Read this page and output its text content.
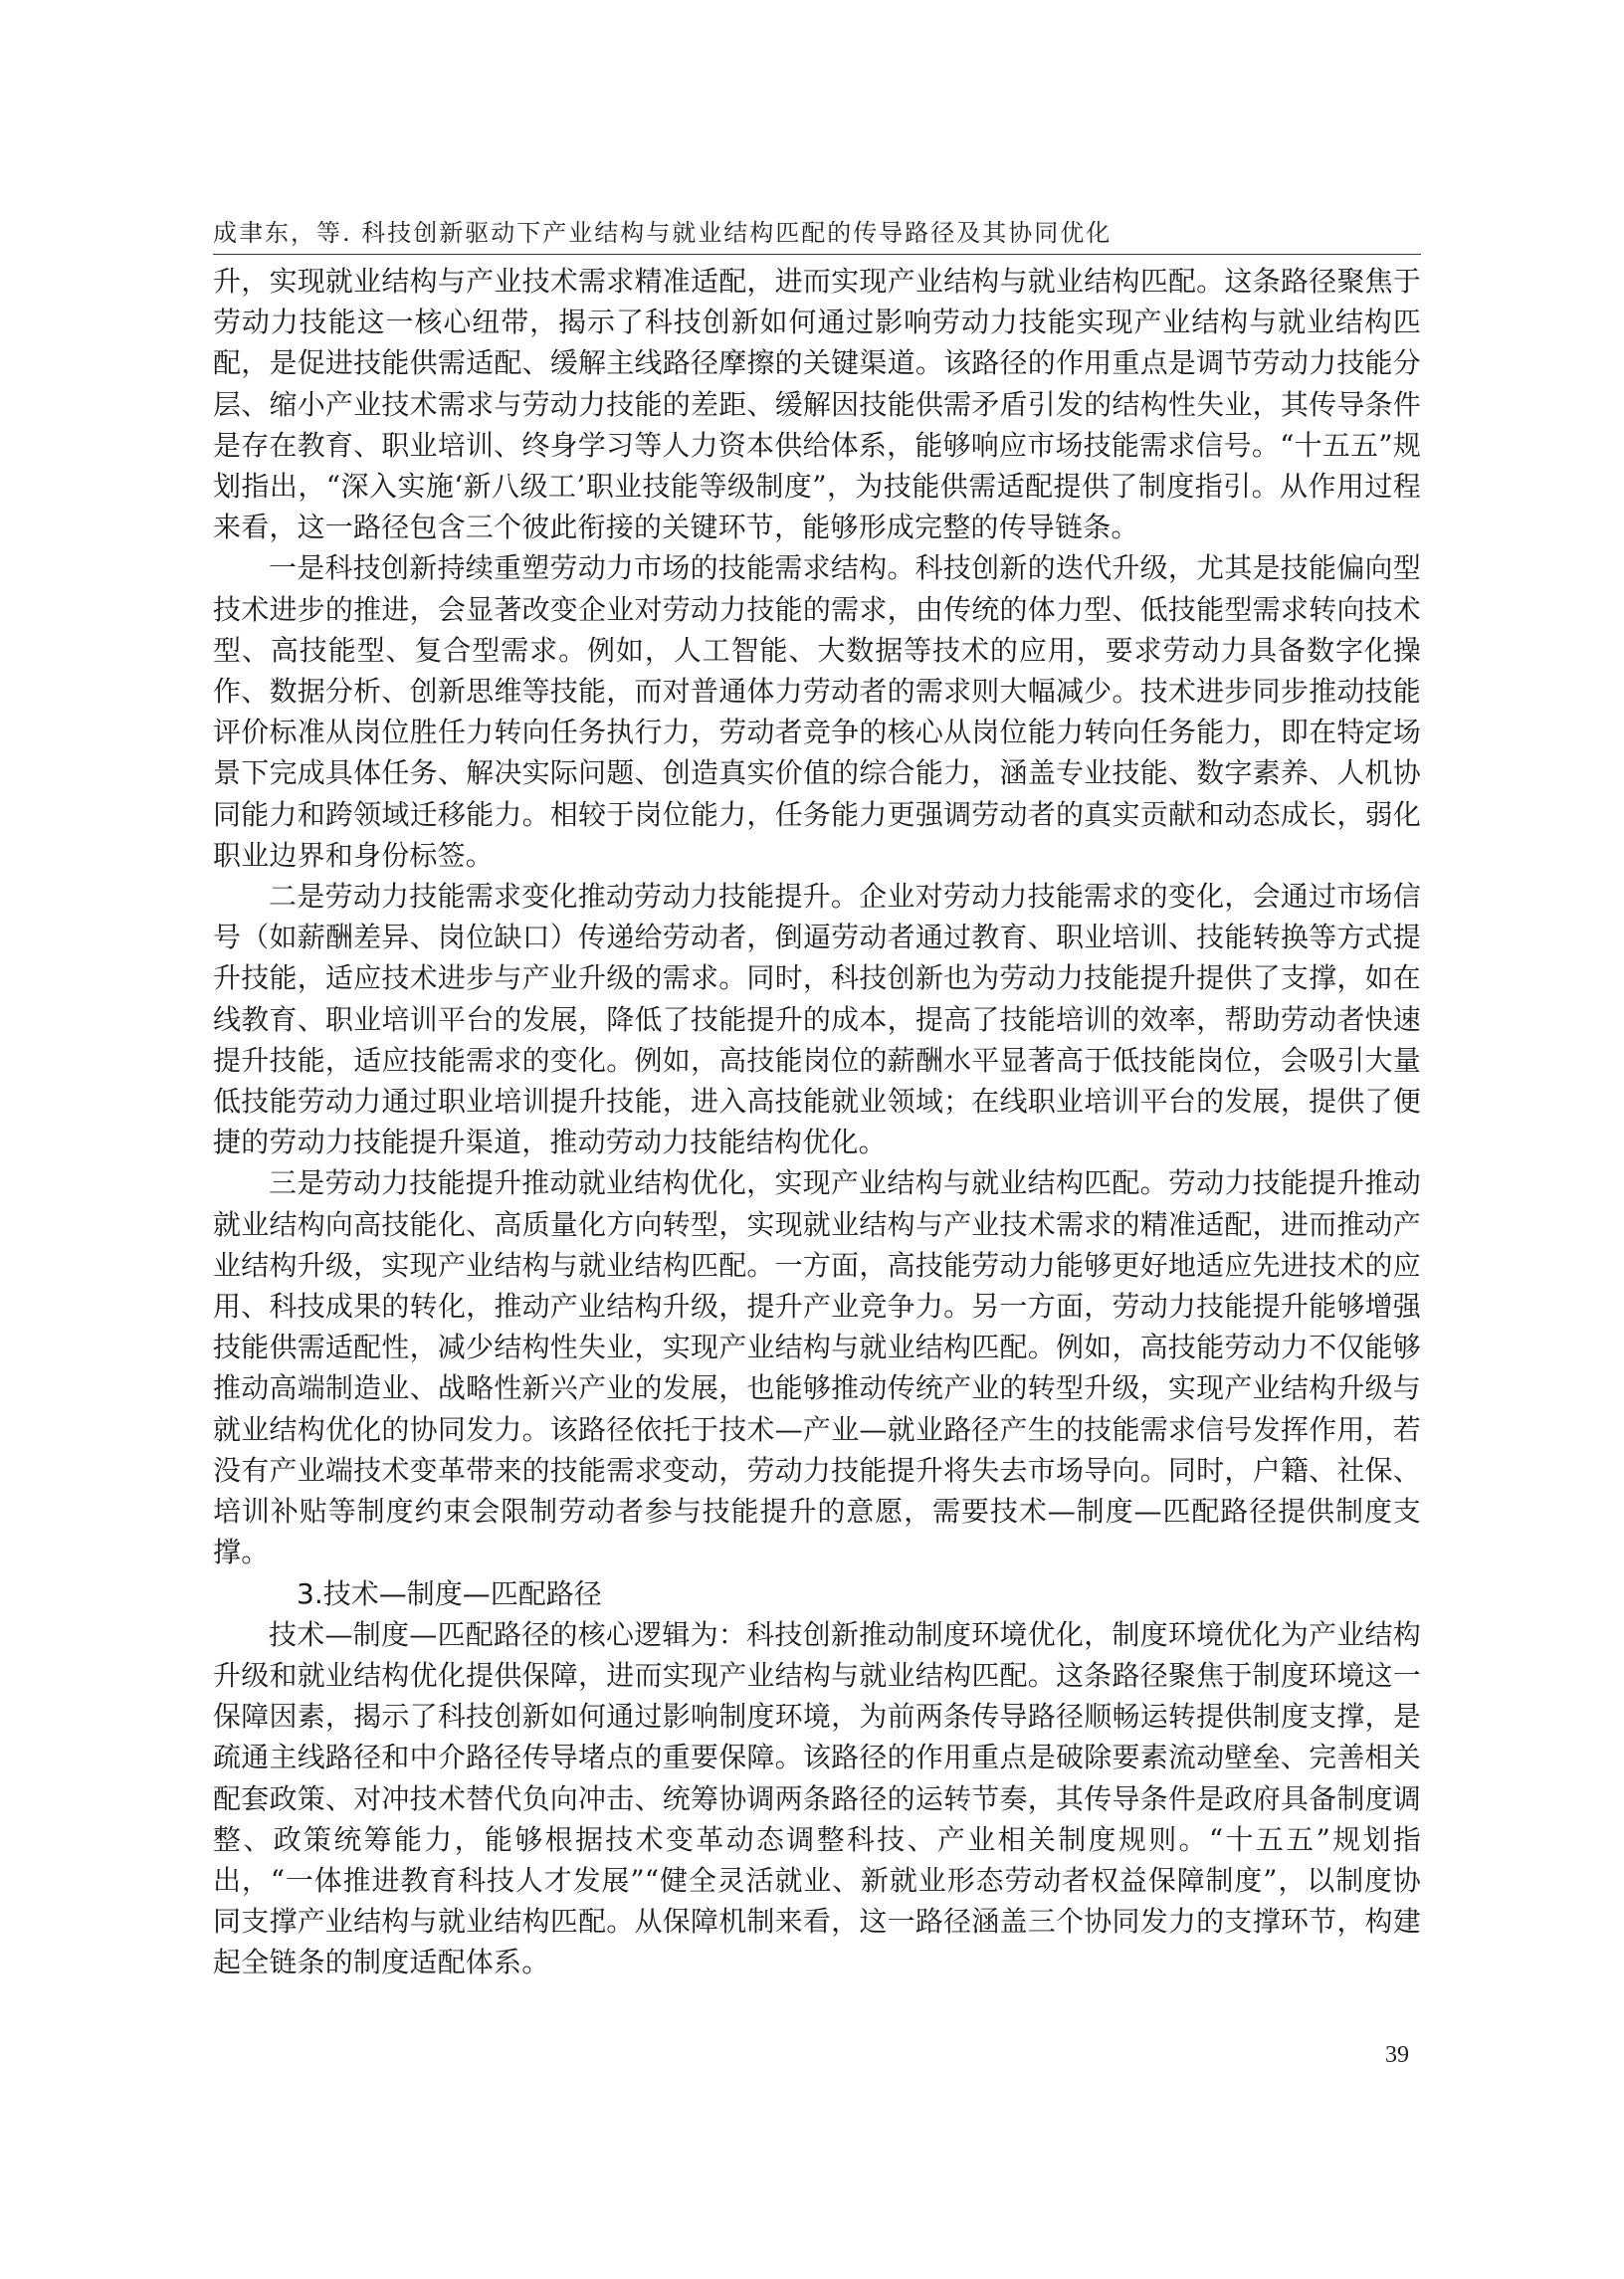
成聿东，等. 科技创新驱动下产业结构与就业结构匹配的传导路径及其协同优化

升，实现就业结构与产业技术需求精准适配，进而实现产业结构与就业结构匹配。这条路径聚焦于劳动力技能这一核心纽带，揭示了科技创新如何通过影响劳动力技能实现产业结构与就业结构匹配，是促进技能供需适配、缓解主线路径摩擦的关键渠道。该路径的作用重点是调节劳动力技能分层、缩小产业技术需求与劳动力技能的差距、缓解因技能供需矛盾引发的结构性失业，其传导条件是存在教育、职业培训、终身学习等人力资本供给体系，能够响应市场技能需求信号。“十五五”规划指出，“深入实施‘新八级工’职业技能等级制度”，为技能供需适配提供了制度指引。从作用过程来看，这一路径包含三个彼此衔接的关键环节，能够形成完整的传导链条。

一是科技创新持续重塑劳动力市场的技能需求结构。科技创新的迭代升级，尤其是技能偏向型技术进步的推进，会显著改变企业对劳动力技能的需求，由传统的体力型、低技能型需求转向技术型、高技能型、复合型需求。例如，人工智能、大数据等技术的应用，要求劳动力具备数字化操作、数据分析、创新思维等技能，而对普通体力劳动者的需求则大幅减少。技术进步同步推动技能评价标准从岗位胜任力转向任务执行力，劳动者竞争的核心从岗位能力转向任务能力，即在特定场景下完成具体任务、解决实际问题、创造真实价值的综合能力，涵盖专业技能、数字素养、人机协同能力和跨领域迁移能力。相较于岗位能力，任务能力更强调劳动者的真实贡献和动态成长，弱化职业边界和身份标签。

二是劳动力技能需求变化推动劳动力技能提升。企业对劳动力技能需求的变化，会通过市场信号（如薪酬差异、岗位缺口）传递给劳动者，倒逼劳动者通过教育、职业培训、技能转换等方式提升技能，适应技术进步与产业升级的需求。同时，科技创新也为劳动力技能提升提供了支撑，如在线教育、职业培训平台的发展，降低了技能提升的成本，提高了技能培训的效率，帮助劳动者快速提升技能，适应技能需求的变化。例如，高技能岗位的薪酬水平显著高于低技能岗位，会吸引大量低技能劳动力通过职业培训提升技能，进入高技能就业领域；在线职业培训平台的发展，提供了便捷的劳动力技能提升渠道，推动劳动力技能结构优化。

三是劳动力技能提升推动就业结构优化，实现产业结构与就业结构匹配。劳动力技能提升推动就业结构向高技能化、高质量化方向转型，实现就业结构与产业技术需求的精准适配，进而推动产业结构升级，实现产业结构与就业结构匹配。一方面，高技能劳动力能够更好地适应先进技术的应用、科技成果的转化，推动产业结构升级，提升产业竞争力。另一方面，劳动力技能提升能够增强技能供需适配性，减少结构性失业，实现产业结构与就业结构匹配。例如，高技能劳动力不仅能够推动高端制造业、战略性新兴产业的发展，也能够推动传统产业的转型升级，实现产业结构升级与就业结构优化的协同发力。该路径依托于技术—产业—就业路径产生的技能需求信号发挥作用，若没有产业端技术变革带来的技能需求变动，劳动力技能提升将失去市场导向。同时，户籍、社保、培训补贴等制度约束会限制劳动者参与技能提升的意愿，需要技术—制度—匹配路径提供制度支撑。

3.技术—制度—匹配路径

技术—制度—匹配路径的核心逻辑为：科技创新推动制度环境优化，制度环境优化为产业结构升级和就业结构优化提供保障，进而实现产业结构与就业结构匹配。这条路径聚焦于制度环境这一保障因素，揭示了科技创新如何通过影响制度环境，为前两条传导路径顺畅运转提供制度支撑，是疏通主线路径和中介路径传导堵点的重要保障。该路径的作用重点是破除要素流动壁垒、完善相关配套政策、对冲技术替代负向冲击、统筹协调两条路径的运转节奏，其传导条件是政府具备制度调整、政策统筹能力，能够根据技术变革动态调整科技、产业相关制度规则。“十五五”规划指出，“一体推进教育科技人才发展”“健全灵活就业、新就业形态劳动者权益保障制度”，以制度协同支撑产业结构与就业结构匹配。从保障机制来看，这一路径涵盖三个协同发力的支撑环节，构建起全链条的制度适配体系。

39
